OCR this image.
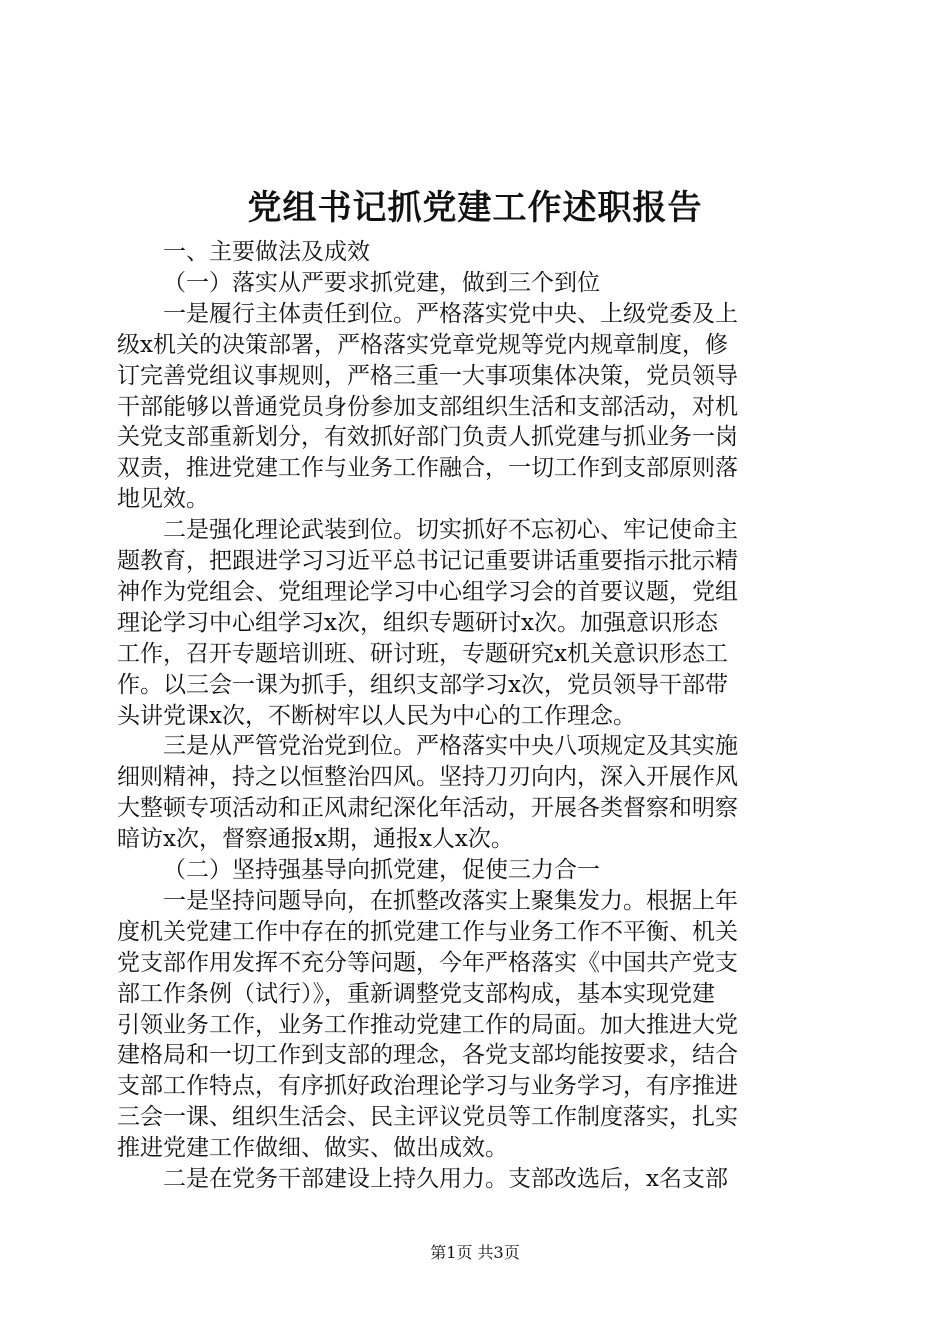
党组书记抓党建工作述职报告
一、主要做法及成效
（一）落实从严要求抓党建，做到三个到位
一是履行主体责任到位。严格落实党中央、上级党委及上
级x机关的决策部署，严格落实党章党规等党内规章制度，修
订完善党组议事规则，严格三重一大事项集体决策，党员领导
干部能够以普通党员身份参加支部组织生活和支部活动，对机
关党支部重新划分，有效抓好部门负责人抓党建与抓业务一岗
双责，推进党建工作与业务工作融合，一切工作到支部原则落
地见效。
二是强化理论武装到位。切实抓好不忘初心、牢记使命主
题教育，把跟进学习习近平总书记记重要讲话重要指示批示精
神作为党组会、党组理论学习中心组学习会的首要议题，党组
理论学习中心组学习x次，组织专题研讨x次。加强意识形态
工作，召开专题培训班、研讨班，专题研究x机关意识形态工
作。以三会一课为抓手，组织支部学习x次，党员领导干部带
头讲党课x次，不断树牢以人民为中心的工作理念。
三是从严管党治党到位。严格落实中央八项规定及其实施
细则精神，持之以恒整治四风。坚持刀刃向内，深入开展作风
大整顿专项活动和正风肃纪深化年活动，开展各类督察和明察
暗访x次，督察通报x期，通报x人x次。
（二）坚持强基导向抓党建，促使三力合一
一是坚持问题导向，在抓整改落实上聚集发力。根据上年
度机关党建工作中存在的抓党建工作与业务工作不平衡、机关
党支部作用发挥不充分等问题，今年严格落实《中国共产党支
部工作条例（试行）》，重新调整党支部构成，基本实现党建
引领业务工作，业务工作推动党建工作的局面。加大推进大党
建格局和一切工作到支部的理念，各党支部均能按要求，结合
支部工作特点，有序抓好政治理论学习与业务学习，有序推进
三会一课、组织生活会、民主评议党员等工作制度落实，扎实
推进党建工作做细、做实、做出成效。
二是在党务干部建设上持久用力。支部改选后，x名支部
第1页 共3页
